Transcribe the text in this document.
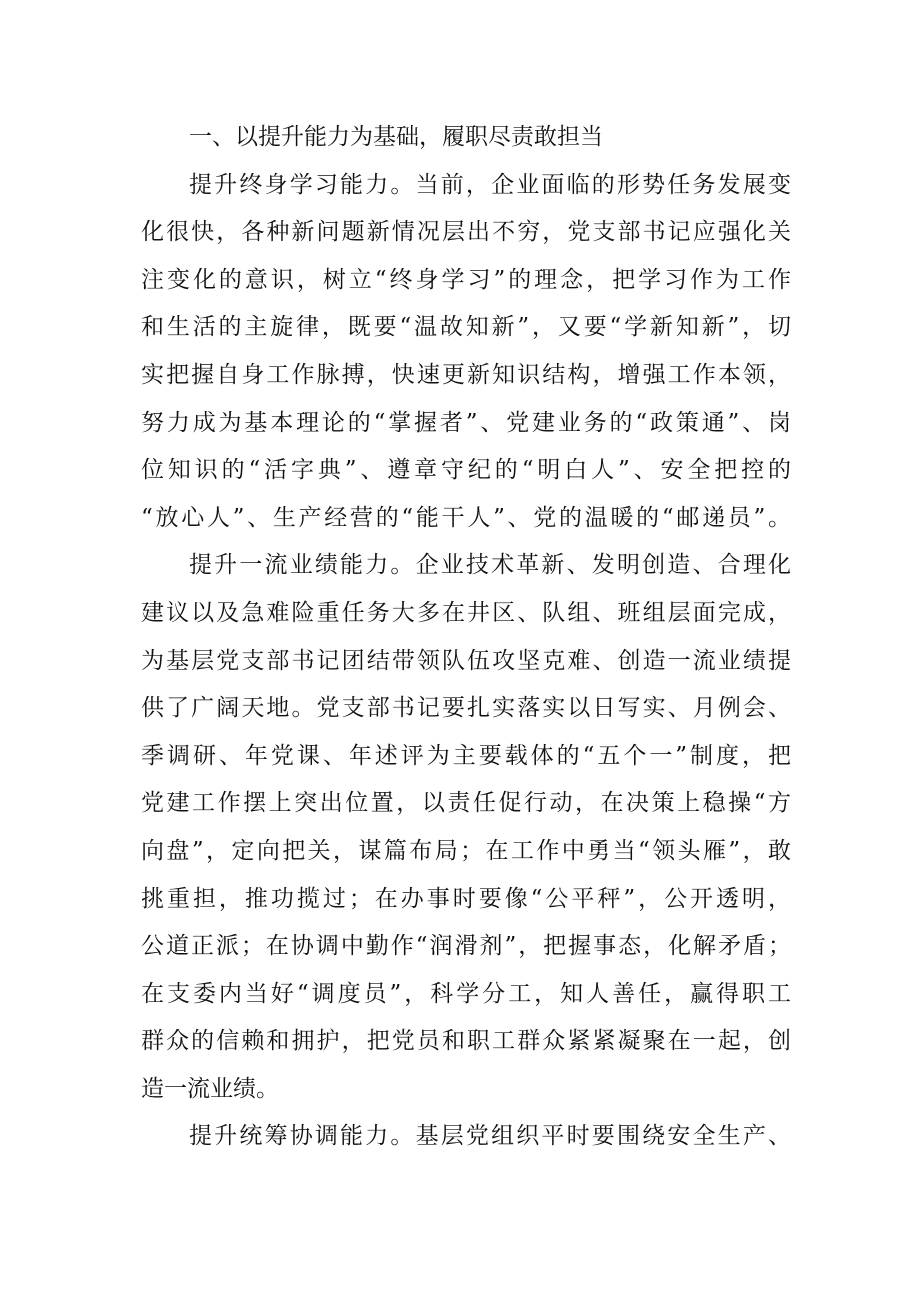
一、以提升能力为基础，履职尽责敢担当
提升终身学习能力。当前，企业面临的形势任务发展变
化很快，各种新问题新情况层出不穷，党支部书记应强化关
注变化的意识，树立“终身学习”的理念，把学习作为工作
和生活的主旋律，既要“温故知新”，又要“学新知新”，切
实把握自身工作脉搏，快速更新知识结构，增强工作本领，
努力成为基本理论的“掌握者”、党建业务的“政策通”、岗
位知识的“活字典”、遵章守纪的“明白人”、安全把控的
“放心人”、生产经营的“能干人”、党的温暖的“邮递员”。
提升一流业绩能力。企业技术革新、发明创造、合理化
建议以及急难险重任务大多在井区、队组、班组层面完成，
为基层党支部书记团结带领队伍攻坚克难、创造一流业绩提
供了广阔天地。党支部书记要扎实落实以日写实、月例会、
季调研、年党课、年述评为主要载体的“五个一”制度，把
党建工作摆上突出位置，以责任促行动，在决策上稳操“方
向盘”，定向把关，谋篇布局；在工作中勇当“领头雁”，敢
挑重担，推功揽过；在办事时要像“公平秤”，公开透明，
公道正派；在协调中勤作“润滑剂”，把握事态，化解矛盾；
在支委内当好“调度员”，科学分工，知人善任，赢得职工
群众的信赖和拥护，把党员和职工群众紧紧凝聚在一起，创
造一流业绩。
提升统筹协调能力。基层党组织平时要围绕安全生产、
